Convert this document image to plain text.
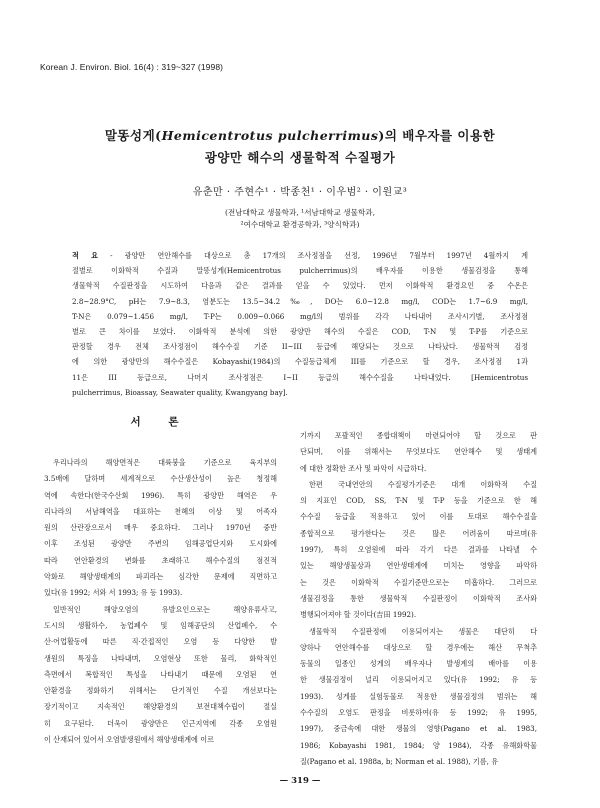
Korean J. Environ. Biol. 16(4) : 319~327 (1998)
말똥성게(Hemicentrotus pulcherrimus)의 배우자를 이용한
광양만 해수의 생물학적 수질평가
유춘만 · 주현수¹ · 박종천¹ · 이우범² · 이원교³
(전남대학교 생물학과, ¹서남대학교 생물학과,
²여수대학교 환경공학과, ³양식학과)
적 요 - 광양만 연안해수를 대상으로 총 17개의 조사정점을 선정, 1996년 7월부터 1997년 4월까지 계
절별로 이화학적 수질과 말똥성게(Hemicentrotus pulcherrimus)의 배우자를 이용한 생물검정을 통해
생물학적 수질판정을 시도하여 다음과 같은 결과를 얻을 수 있었다. 먼저 이화학적 환경요인 중 수온은
2.8~28.9°C, pH는 7.9~8.3, 염분도는 13.5~34.2‰, DO는 6.0~12.8 mg/l, COD는 1.7~6.9 mg/l,
T-N은 0.079~1.456 mg/l, T-P는 0.009~0.066 mg/l의 범위를 각각 나타내어 조사시기별, 조사정점
별로 큰 차이를 보였다. 이화학적 분석에 의한 광양만 해수의 수질은 COD, T-N 및 T-P를 기준으로
판정할 경우 전체 조사정점이 해수수질 기준 II~III 등급에 해당되는 것으로 나타났다. 생물학적 검정
에 의한 광양만의 해수수질은 Kobayashi(1984)의 수질등급체계 III를 기준으로 할 경우, 조사정점 1과
11은 III 등급으로, 나머지 조사정점은 I~II 등급의 해수수질을 나타내었다. [Hemicentrotus
pulcherrimus, Bioassay, Seawater quality, Kwangyang bay].
서 론
우리나라의 해양면적은 대륙붕을 기준으로 육지부의
3.5배에 달하며 세계적으로 수산생산성이 높은 청정해
역에 속한다(한국수산회 1996). 특히 광양만 해역은 우
리나라의 서남해역을 대표하는 천혜의 이상 및 어족자
원의 산란장으로서 매우 중요하다. 그러나 1970년 중반
이후 조성된 광양만 주변의 임해공업단지와 도시화에
따라 연안환경의 변화를 초래하고 해수수질의 점진적
악화로 해양생태계의 파괴라는 심각한 문제에 직면하고
있다(유 1992; 서와 서 1993; 유 등 1993).
일반적인 해양오염의 유발요인으로는 해양유류사고,
도시의 생활하수, 농업폐수 및 임해공단의 산업폐수, 수
산·어업활동에 따른 직·간접적인 오염 등 다양한 발
생원의 특징을 나타내며, 오염현상 또한 물리, 화학적인
측면에서 복합적인 특성을 나타내기 때문에 오염된 연
안환경을 정화하기 위해서는 단기적인 수질 개선보다는
장기적이고 지속적인 해양환경의 보전대책수립이 절실
히 요구된다. 더욱이 광양만은 인근지역에 각종 오염원
이 산재되어 있어서 오염발생원에서 해양생태계에 이르
기까지 포괄적인 종합대책이 마련되어야 할 것으로 판
단되며, 이를 위해서는 무엇보다도 연안해수 및 생태계
에 대한 정확한 조사 및 파악이 시급하다.
한편 국내연안의 수질평가기준은 대개 이화학적 수질
의 지표인 COD, SS, T-N 및 T-P 등을 기준으로 한 해
수수질 등급을 적용하고 있어 이를 토대로 해수수질을
종합적으로 평가한다는 것은 많은 어려움이 따르며(유
1997), 특히 오염원에 따라 각기 다른 결과를 나타낼 수
있는 해양생물상과 연안생태계에 미치는 영향을 파악하
는 것은 이화학적 수질기준만으로는 미흡하다. 그러므로
생물검정을 통한 생물학적 수질판정이 이화학적 조사와
병행되어져야 할 것이다(吉田 1992).
생물학적 수질판정에 이용되어지는 생물은 대단히 다
양하나 연안해수를 대상으로 할 경우에는 해산 무척추
동물의 일종인 성게의 배우자나 발생계의 배아를 이용
한 생물검정이 널리 이용되어지고 있다(유 1992; 유 등
1993). 성게를 실험동물로 적용한 생물검정의 범위는 해
수수질의 오염도 판정을 비롯하여(유 등 1992; 유 1995,
1997), 중금속에 대한 생물의 영향(Pagano et al. 1983,
1986; Kobayashi 1981, 1984; 양 1984), 각종 유해화학물
질(Pagano et al. 1988a, b; Norman et al. 1988), 기름, 유
— 319 —
